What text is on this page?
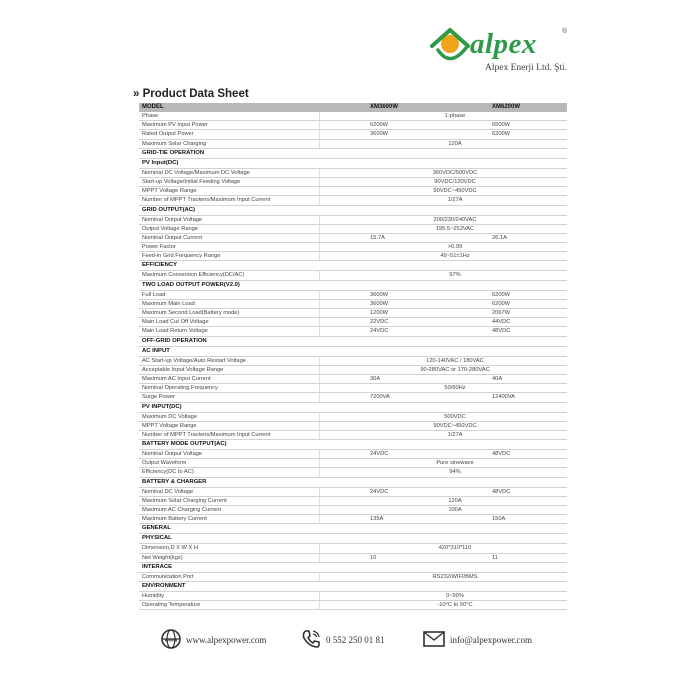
alpex	®
Alpex Enerji Ltd. Şti.
» Product Data Sheet
MODEL	XM3600W	XM6200W
Phase	1-phase
Maximum PV Input Power	6200W	6500W
Rated Output Power	3600W	6200W
Maximum Solar Charging	120A
GRID-TIE OPERATION
PV Input(DC)
Nominal DC Voltage/Maximum DC Voltage	360VDC/500VDC
Start-up Voltage/Initial Feeding Voltage	90VDC/120VDC
MPPT Voltage Range	90VDC~450VDC
Number of MPPT Trackers/Maximum Input Current	1/27A
GRID OUTPUT(AC)
Nominal Output Voltage	200/230/240VAC
Output Voltage Range	195.5~253VAC
Nominal Output Current	15.7A	26.1A
Power Factor	>0.99
Feed-in Grid Frequency Range	49~51±1Hz
EFFICIENCY
Maximum Conversion Efficiency(DC/AC)	97%
TWO LOAD OUTPUT POWER(V2.0)
Full Load	3600W	6200W
Maximum Main Load	3600W	6200W
Maximum Second Load(Battery mode)	1200W	2067W
Main Load Cut Off Voltage	22VDC	44VDC
Main Load Return Voltage	24VDC	48VDC
OFF-GRID OPERATION
AC INPUT
AC Start-up Voltage/Auto Restart Voltage	120-140VAC / 180VAC
Acceptable Input Voltage Range	90-280VAC or 170-280VAC
Maximum AC Input Current	30A	40A
Nominal Operating Frequency	50/60Hz
Surge Power	7200VA	12400VA
PV INPUT(DC)
Maximum DC Voltage	500VDC
MPPT Voltage Range	90VDC~450VDC
Number of MPPT Trackers/Maximum Input Current	1/27A
BATTERY MODE OUTPUT(AC)
Nominal Output Voltage	24VDC	48VDC
Output Waveform	Pure sinewave
Efficiency(DC to AC)	94%
BATTERY & CHARGER
Nominal DC Voltage	24VDC	48VDC
Maximum Solar Charging Current	120A
Maximum AC Charging Current	100A
Maximum Battery Current	135A	150A
GENERAL
PHYSICAL
Dimension,D X W X H	420*310*110
Net Weight(kgs)	10	11
INTERACE
Communication Port	RS232/WIFI/BMS
ENVIRONMENT
Humidity	0~90%
Operating Temperature	-10°C to 50°C
www www.alpexpower.com	0 552 250 01 81	info@alpexpower.com
